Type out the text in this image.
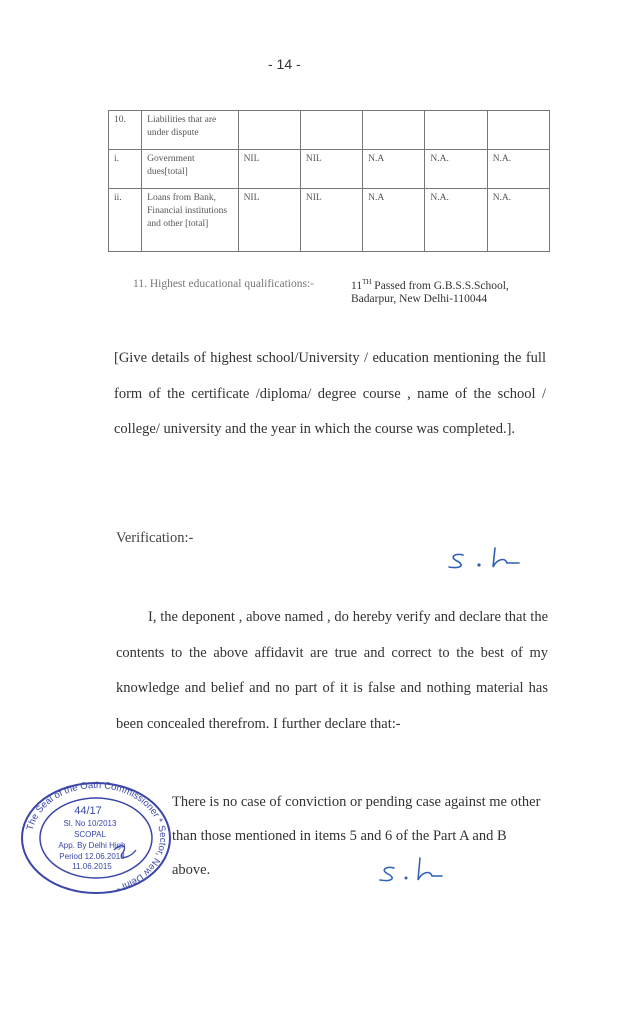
- 14 -
10.	Liabilities that are under dispute					
i.	Government dues[total]	NIL	NIL	N.A	N.A.	N.A.
ii.	Loans from Bank, Financial institutions and other [total]	NIL	NIL	N.A	N.A.	N.A.
11. Highest educational qualifications:-	11TH Passed from G.B.S.S.School,
Badarpur, New Delhi-110044
[Give details of highest school/University / education mentioning the full form of the certificate /diploma/ degree course , name of the school / college/ university and the year in which the course was completed.].
Verification:-
I, the deponent , above named , do hereby verify and declare that the contents to the above affidavit are true and correct to the best of my knowledge and belief and no part of it is false and nothing material has been concealed therefrom. I further declare that:-
There is no case of conviction or pending case against me other than those mentioned in items 5 and 6 of the Part A and B above.
The Seal of the Oath Commissioner * Sector, New Delhi *
44/17
Sl. No 10/2013
SCOPAL
App. By Delhi High
Period 12.06.2013
11.06.2015
